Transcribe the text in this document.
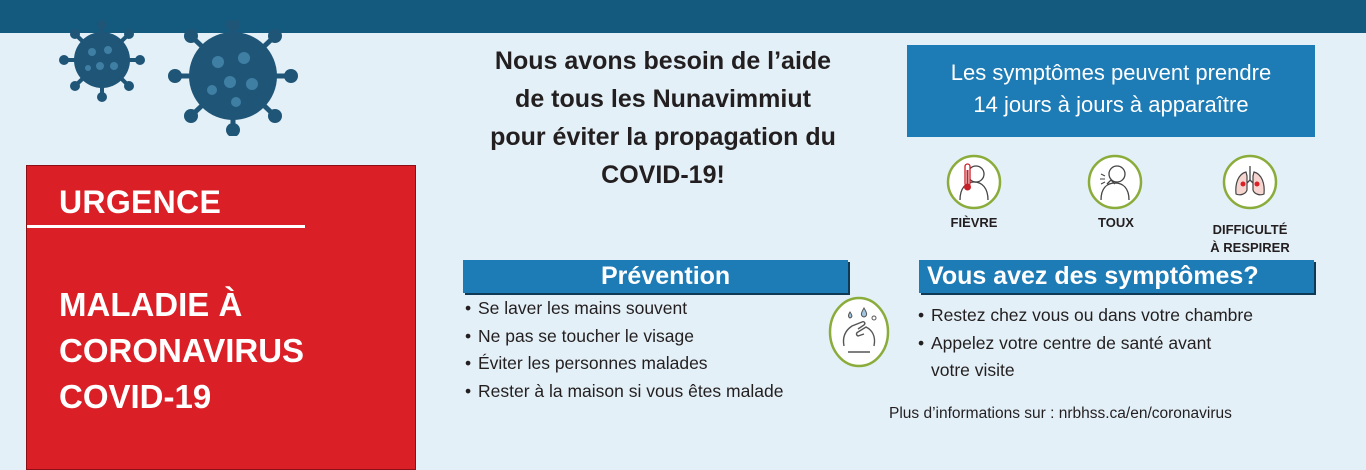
URGENCE
MALADIE À
CORONAVIRUS
COVID-19
Nous avons besoin de l’aide
de tous les Nunavimmiut
pour éviter la propagation du
COVID-19!
Les symptômes peuvent prendre
14 jours à jours à apparaître
FIÈVRE	TOUX	DIFFICULTÉ
À RESPIRER
Prévention
• Se laver les mains souvent
• Ne pas se toucher le visage
• Éviter les personnes malades
• Rester à la maison si vous êtes malade
Vous avez des symptômes?
• Restez chez vous ou dans votre chambre
• Appelez votre centre de santé avant
votre visite
Plus d’informations sur : nrbhss.ca/en/coronavirus
